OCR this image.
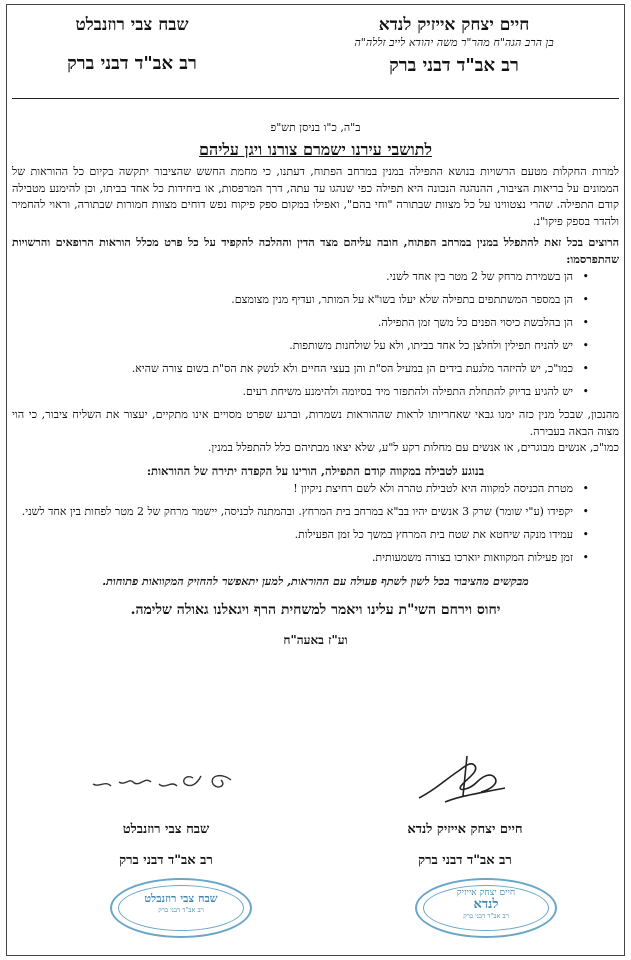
חיים יצחק אייזיק לנדא
בן הרב הגה"ח מהר"ר משה יהודא לייב זללה"ה
רב אב"ד דבני ברק
שבח צבי רוזנבלט
רב אב"ד דבני ברק
ב"ה, כ"ו בניסן תש"פ
לתושבי עירנו ישמרם צורנו ויגן עליהם

למרות החקלות מטעם הרשויות בנושא התפילה במנין במרחב הפתוח, דעתנו, כי מחמת החשש שהציבור יתקשה בקיום כל ההוראות של הממונים על בריאות הציבור, ההנהגה הנכונה היא תפילה כפי שנהגו עד עתה, דרך המרפסות, או ביחידות כל אחד בביתו, וכן להימנע מטבילה קודם התפילה. שהרי נצטווינו על כל מצוות שבתורה "וחי בהם", ואפילו במקום ספק פיקוח נפש דוחים מצוות חמורות שבתורה, וראוי להחמיר ולהדר בספק פיקו"נ.

הרוצים בכל זאת להתפלל במנין במרחב הפתוח, חובה עליהם מצד הדין וההלכה להקפיד על כל פרט מכלל הוראות הרופאים והרשויות שהתפרסמו:

• הן בשמירת מרחק של 2 מטר בין אחד לשני.
• הן במספר המשתתפים בתפילה שלא יעלו בשו"א על המותר, ועדיף מנין מצומצם.
• הן בהלבשת כיסוי הפנים כל משך זמן התפילה.
• יש להניח תפילין ולחלצן כל אחד בביתו, ולא על שולחנות משותפות.
• כמו"כ, יש להיזהר מלגעת בידים הן במעיל הס"ת והן בעצי החיים ולא לנשק את הס"ת בשום צורה שהיא.
• יש להגיע בדיוק להתחלת התפילה ולהתפזר מיד בסיומה ולהימנע משיחת רעים.

מהנכון, שבכל מנין כזה ימנו גבאי שאחריותו לראות שההוראות נשמרות, וברגע שפרט מסויים אינו מתקיים, יעצור את השליח ציבור, כי הוי מצוה הבאה בעבירה.

כמו"כ, אנשים מבוגרים, או אנשים עם מחלות רקע ל"ע, שלא יצאו מבתיהם כלל להתפלל במנין.

בנוגע לטבילה במקווה קודם התפילה, הורינו על הקפדה יתירה של ההוראות:
• מטרת הכניסה למקווה היא לטבילת טהרה ולא לשם רחיצת ניקיון !
• יקפידו (ע"י שומר) שרק 3 אנשים יהיו בב"א במרחב בית המרחץ. ובהמתנה לכניסה, יישמר מרחק של 2 מטר לפחות בין אחד לשני.
• עמידו מנקה שיחטא את שטח בית המרחץ במשך כל זמן הפעילות.
• זמן פעילות המקוואות יוארכו בצורה משמעותית.
מבקשים מהציבור בכל לשון לשתף פעולה עם ההוראות, למען יתאפשר להחזיק המקוואות פתוחות.
יחוס וירחם השי"ת עלינו ויאמר למשחית הרף ויגאלנו גאולה שלימה.
וע"ז באעה"ח
חיים יצחק אייזיק לנדא
רב אב"ד דבני ברק
שבח צבי רוזנבלט
רב אב"ד דבני ברק
חיים יצחק אייזיק
לנדא
רב אב"ד דבני ברק
שבח צבי רוזנבלט
רב אב"ד דבני ברק
